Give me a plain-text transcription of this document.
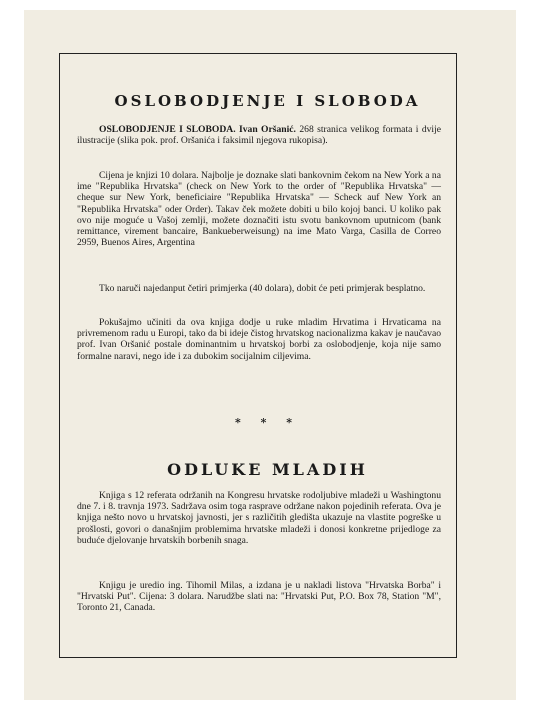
OSLOBODJENJE I SLOBODA

OSLOBODJENJE I SLOBODA. Ivan Oršanić. 268 stranica velikog formata i dvije ilustracije (slika pok. prof. Oršanića i faksimil njegova rukopisa).

Cijena je knjizi 10 dolara. Najbolje je doznake slati bankovnim čekom na New York a na ime "Republika Hrvatska" (check on New York to the order of "Republika Hrvatska" — cheque sur New York, beneficiaire "Republika Hrvatska" — Scheck auf New York an "Republika Hrvatska" oder Order). Takav ček možete dobiti u bilo kojoj banci. U koliko pak ovo nije moguće u Vašoj zemlji, možete doznačiti istu svotu bankovnom uputnicom (bank remittance, virement bancaire, Bankueberweisung) na ime Mato Varga, Casilla de Correo 2959, Buenos Aires, Argentina

Tko naruči najedanput četiri primjerka (40 dolara), dobit će peti primjerak besplatno.

Pokušajmo učiniti da ova knjiga dodje u ruke mladim Hrvatima i Hrvaticama na privremenom radu u Europi, tako da bi ideje čistog hrvatskog nacionalizma kakav je naučavao prof. Ivan Oršanić postale dominantnim u hrvatskoj borbi za oslobodjenje, koja nije samo formalne naravi, nego ide i za dubokim socijalnim ciljevima.

* * *
ODLUKE MLADIH

Knjiga s 12 referata održanih na Kongresu hrvatske rodoljubive mladeži u Washingtonu dne 7. i 8. travnja 1973. Sadržava osim toga rasprave održane nakon pojedinih referata. Ova je knjiga nešto novo u hrvatskoj javnosti, jer s različitih gledišta ukazuje na vlastite pogreške u prošlosti, govori o današnjim problemima hrvatske mladeži i donosi konkretne prijedloge za buduće djelovanje hrvatskih borbenih snaga.

Knjigu je uredio ing. Tihomil Milas, a izdana je u nakladi listova "Hrvatska Borba" i "Hrvatski Put". Cijena: 3 dolara. Narudžbe slati na: "Hrvatski Put, P.O. Box 78, Station "M", Toronto 21, Canada.
